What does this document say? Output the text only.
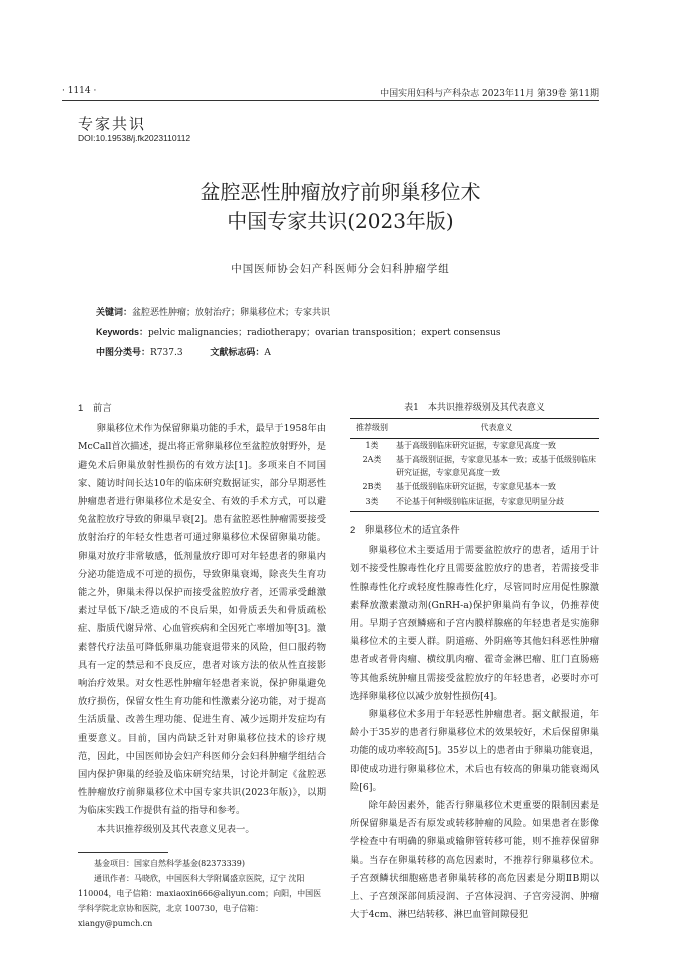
· 1114 ·	中国实用妇科与产科杂志 2023年11月 第39卷 第11期
专家共识
DOI:10.19538/j.fk2023110112
盆腔恶性肿瘤放疗前卵巢移位术
中国专家共识(2023年版)
中国医师协会妇产科医师分会妇科肿瘤学组
关键词：盆腔恶性肿瘤；放射治疗；卵巢移位术；专家共识
Keywords：pelvic malignancies；radiotherapy；ovarian transposition；expert consensus
中图分类号：R737.3	文献标志码：A
1　前言

卵巢移位术作为保留卵巢功能的手术，最早于1958年由McCall首次描述，提出将正常卵巢移位至盆腔放射野外，是避免术后卵巢放射性损伤的有效方法[1]。多项来自不同国家、随访时间长达10年的临床研究数据证实，部分早期恶性肿瘤患者进行卵巢移位术是安全、有效的手术方式，可以避免盆腔放疗导致的卵巢早衰[2]。患有盆腔恶性肿瘤需要接受放射治疗的年轻女性患者可通过卵巢移位术保留卵巢功能。卵巢对放疗非常敏感，低剂量放疗即可对年轻患者的卵巢内分泌功能造成不可逆的损伤，导致卵巢衰竭，除丧失生育功能之外，卵巢未得以保护而接受盆腔放疗者，还需承受雌激素过早低下/缺乏造成的不良后果，如骨质丢失和骨质疏松症、脂质代谢异常、心血管疾病和全因死亡率增加等[3]。激素替代疗法虽可降低卵巢功能衰退带来的风险，但口服药物具有一定的禁忌和不良反应，患者对该方法的依从性直接影响治疗效果。对女性恶性肿瘤年轻患者来说，保护卵巢避免放疗损伤，保留女性生育功能和性激素分泌功能，对于提高生活质量、改善生理功能、促进生育、减少远期并发症均有重要意义。目前，国内尚缺乏针对卵巢移位技术的诊疗规范，因此，中国医师协会妇产科医师分会妇科肿瘤学组结合国内保护卵巢的经验及临床研究结果，讨论并制定《盆腔恶性肿瘤放疗前卵巢移位术中国专家共识(2023年版)》，以期为临床实践工作提供有益的指导和参考。

本共识推荐级别及其代表意义见表一。

表1　本共识推荐级别及其代表意义
推荐级别	代表意义
1类	基于高级别临床研究证据，专家意见高度一致
2A类	基于高级别证据，专家意见基本一致；或基于低级别临床研究证据，专家意见高度一致
2B类	基于低级别临床研究证据，专家意见基本一致
3类	不论基于何种级别临床证据，专家意见明显分歧
2　卵巢移位术的适宜条件

卵巢移位术主要适用于需要盆腔放疗的患者，适用于计划不接受性腺毒性化疗且需要盆腔放疗的患者，若需接受非性腺毒性化疗或轻度性腺毒性化疗，尽管同时应用促性腺激素释放激素激动剂(GnRH-a)保护卵巢尚有争议，仍推荐使用。早期子宫颈鳞癌和子宫内膜样腺癌的年轻患者是实施卵巢移位术的主要人群。阴道癌、外阴癌等其他妇科恶性肿瘤患者或者骨肉瘤、横纹肌肉瘤、霍奇金淋巴瘤、肛门直肠癌等其他系统肿瘤且需接受盆腔放疗的年轻患者，必要时亦可选择卵巢移位以减少放射性损伤[4]。

卵巢移位术多用于年轻恶性肿瘤患者。据文献报道，年龄小于35岁的患者行卵巢移位术的效果较好，术后保留卵巢功能的成功率较高[5]。35岁以上的患者由于卵巢功能衰退，即使成功进行卵巢移位术，术后也有较高的卵巢功能衰竭风险[6]。

除年龄因素外，能否行卵巢移位术更重要的限制因素是所保留卵巢是否有原发或转移肿瘤的风险。如果患者在影像学检查中有明确的卵巢或输卵管转移可能，则不推荐保留卵巢。当存在卵巢转移的高危因素时，不推荐行卵巢移位术。子宫颈鳞状细胞癌患者卵巢转移的高危因素是分期ⅡB期以上、子宫颈深部间质浸润、子宫体浸润、子宫旁浸润、肿瘤大于4cm、淋巴结转移、淋巴血管间隙侵犯

基金项目：国家自然科学基金(82373339)

通讯作者：马晓欣，中国医科大学附属盛京医院，辽宁 沈阳 110004，电子信箱：maxiaoxin666@aliyun.com；向阳，中国医学科学院北京协和医院，北京 100730，电子信箱：xiangy@pumch.cn
